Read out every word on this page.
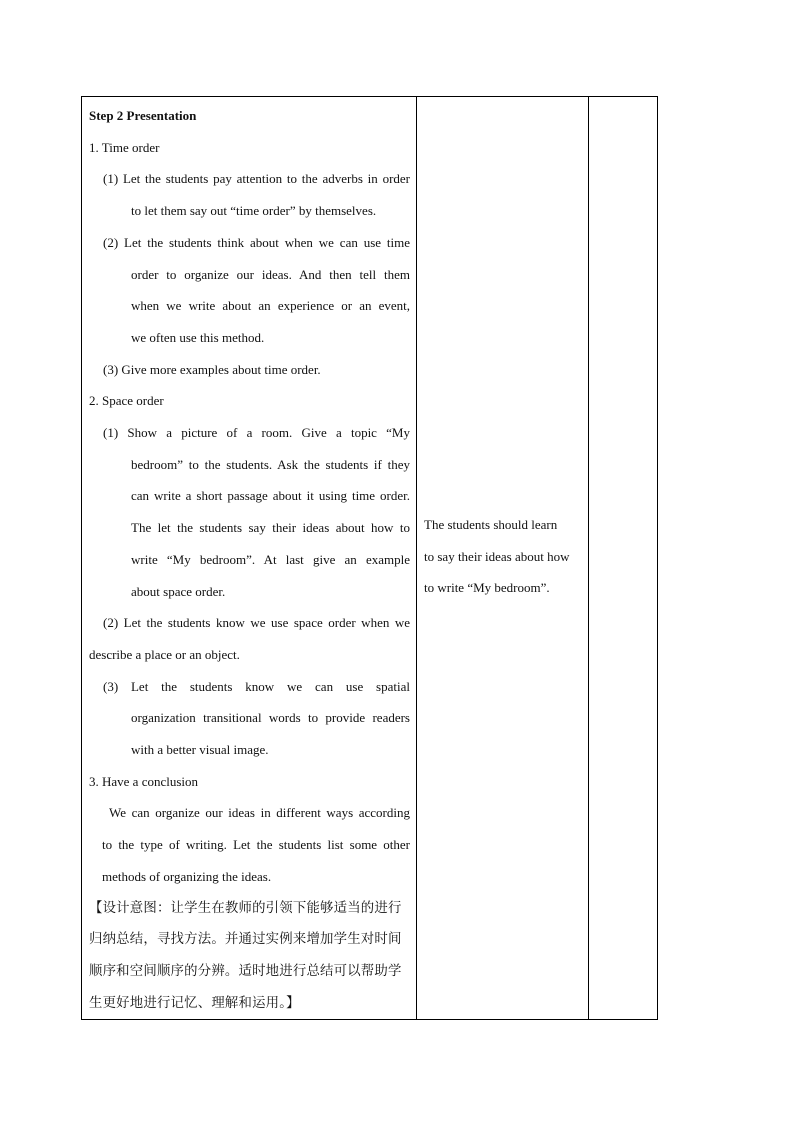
Step 2 Presentation
1. Time order
(1) Let the students pay attention to the adverbs in order
to let them say out “time order” by themselves.
(2) Let the students think about when we can use time
order to organize our ideas. And then tell them
when we write about an experience or an event,
we often use this method.
(3) Give more examples about time order.
2. Space order
(1) Show a picture of a room. Give a topic “My
bedroom” to the students. Ask the students if they
can write a short passage about it using time order.
The let the students say their ideas about how to
write “My bedroom”. At last give an example
about space order.
(2) Let the students know we use space order when we
describe a place or an object.
(3) Let the students know we can use spatial
organization transitional words to provide readers
with a better visual image.
3. Have a conclusion
We can organize our ideas in different ways according
to the type of writing. Let the students list some other
methods of organizing the ideas.
【设计意图：让学生在教师的引领下能够适当的进行
归纳总结，寻找方法。并通过实例来增加学生对时间
顺序和空间顺序的分辨。适时地进行总结可以帮助学
生更好地进行记忆、理解和运用。】

The students should learn
to say their ideas about how
to write “My bedroom”.
